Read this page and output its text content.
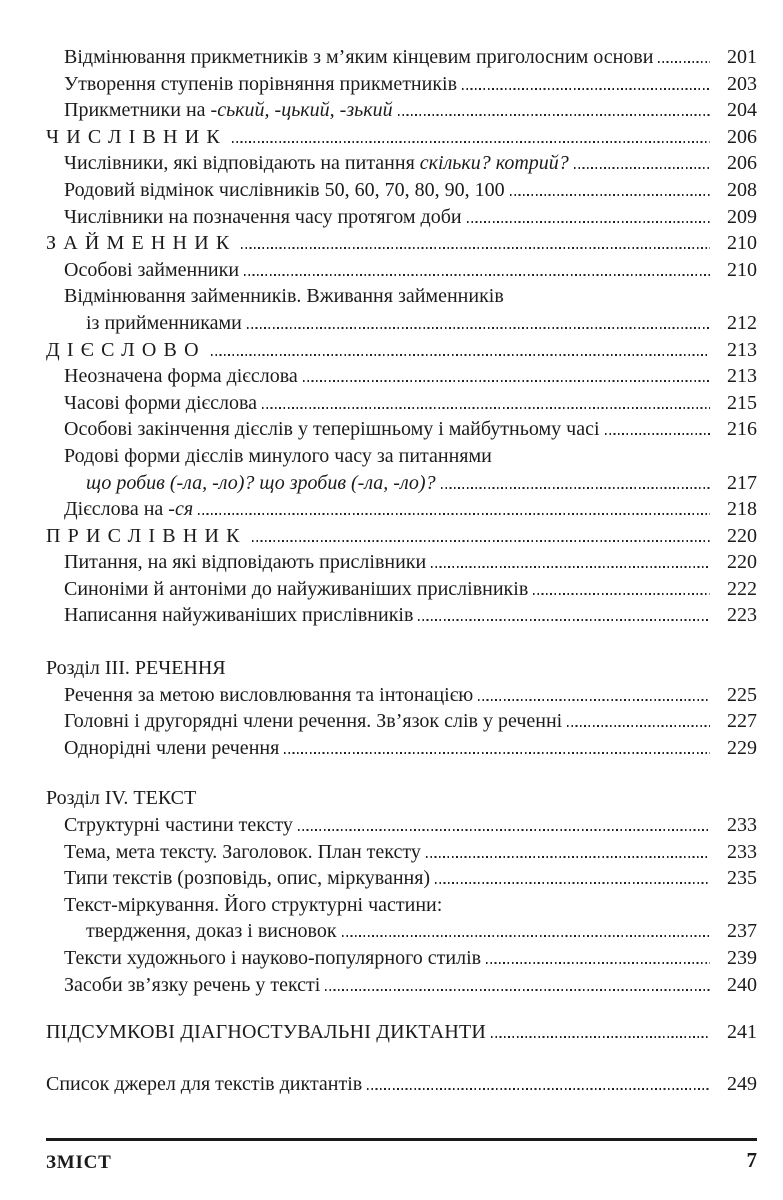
Відмінювання прикметників з м’яким кінцевим приголосним основи	201
Утворення ступенів порівняння прикметників	203
Прикметники на -ський, -цький, -зький	204
ЧИСЛІВНИК	206
Числівники, які відповідають на питання скільки? котрий?	206
Родовий відмінок числівників 50, 60, 70, 80, 90, 100	208
Числівники на позначення часу протягом доби	209
ЗАЙМЕННИК	210
Особові займенники	210
Відмінювання займенників. Вживання займенників
із прийменниками	212
ДІЄСЛОВО	213
Неозначена форма дієслова	213
Часові форми дієслова	215
Особові закінчення дієслів у теперішньому і майбутньому часі	216
Родові форми дієслів минулого часу за питаннями
що робив (-ла, -ло)? що зробив (-ла, -ло)?	217
Дієслова на -ся	218
ПРИСЛІВНИК	220
Питання, на які відповідають прислівники	220
Синоніми й антоніми до найуживаніших прислівників	222
Написання найуживаніших прислівників	223
Розділ III. РЕЧЕННЯ
Речення за метою висловлювання та інтонацією	225
Головні і другорядні члени речення. Зв’язок слів у реченні	227
Однорідні члени речення	229
Розділ IV. ТЕКСТ
Структурні частини тексту	233
Тема, мета тексту. Заголовок. План тексту	233
Типи текстів (розповідь, опис, міркування)	235
Текст-міркування. Його структурні частини:
твердження, доказ і висновок	237
Тексти художнього і науково-популярного стилів	239
Засоби зв’язку речень у тексті	240
ПІДСУМКОВІ ДІАГНОСТУВАЛЬНІ ДИКТАНТИ	241
Список джерел для текстів диктантів	249
ЗМІСТ	7
